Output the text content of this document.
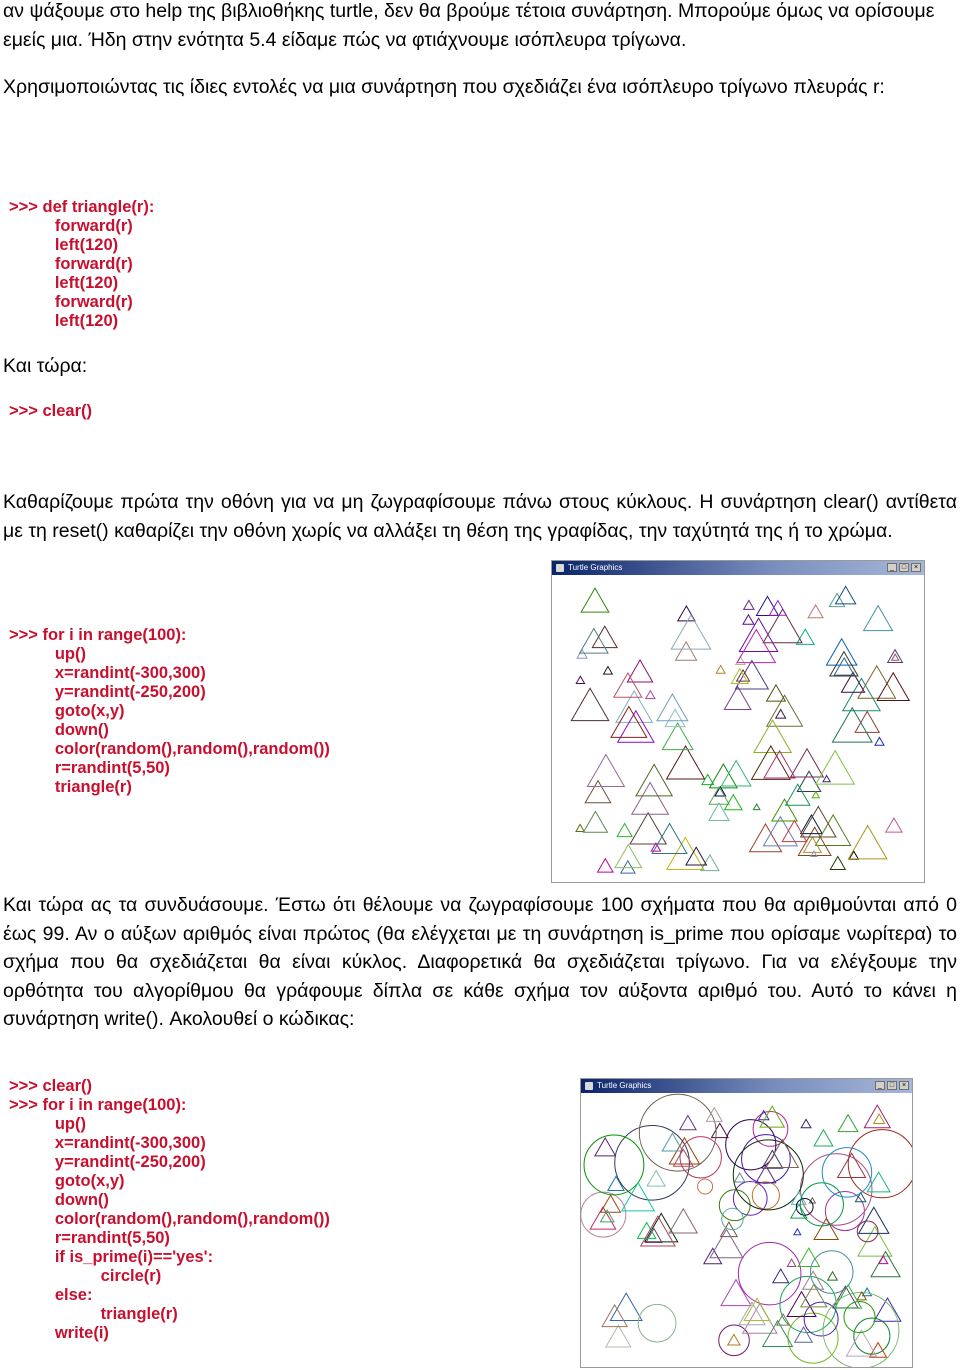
αν ψάξουμε στο help της βιβλιοθήκης turtle, δεν θα βρούμε τέτοια συνάρτηση. Μπορούμε όμως να ορίσουμε εμείς μια. Ήδη στην ενότητα 5.4 είδαμε πώς να φτιάχνουμε ισόπλευρα τρίγωνα.

Χρησιμοποιώντας τις ίδιες εντολές να μια συνάρτηση που σχεδιάζει ένα ισόπλευρο τρίγωνο πλευράς r:

>>> def triangle(r):
forward(r)
left(120)
forward(r)
left(120)
forward(r)
left(120)

Και τώρα:

>>> clear()

Καθαρίζουμε πρώτα την οθόνη για να μη ζωγραφίσουμε πάνω στους κύκλους. Η συνάρτηση clear() αντίθετα με τη reset() καθαρίζει την οθόνη χωρίς να αλλάξει τη θέση της γραφίδας, την ταχύτητά της ή το χρώμα.

Turtle Graphics	_	□	×
>>> for i in range(100):
up()
x=randint(-300,300)
y=randint(-250,200)
goto(x,y)
down()
color(random(),random(),random())
r=randint(5,50)
triangle(r)

Και τώρα ας τα συνδυάσουμε. Έστω ότι θέλουμε να ζωγραφίσουμε 100 σχήματα που θα αριθμούνται από 0 έως 99. Αν ο αύξων αριθμός είναι πρώτος (θα ελέγχεται με τη συνάρτηση is_prime που ορίσαμε νωρίτερα) το σχήμα που θα σχεδιάζεται θα είναι κύκλος. Διαφορετικά θα σχεδιάζεται τρίγωνο. Για να ελέγξουμε την ορθότητα του αλγορίθμου θα γράφουμε δίπλα σε κάθε σχήμα τον αύξοντα αριθμό του. Αυτό το κάνει η συνάρτηση write(). Ακολουθεί ο κώδικας:

>>> clear()
>>> for i in range(100):
up()
x=randint(-300,300)
y=randint(-250,200)
goto(x,y)
down()
color(random(),random(),random())
r=randint(5,50)
if is_prime(i)=='yes':
circle(r)
else:
triangle(r)
write(i)
Turtle Graphics	_	□	×
